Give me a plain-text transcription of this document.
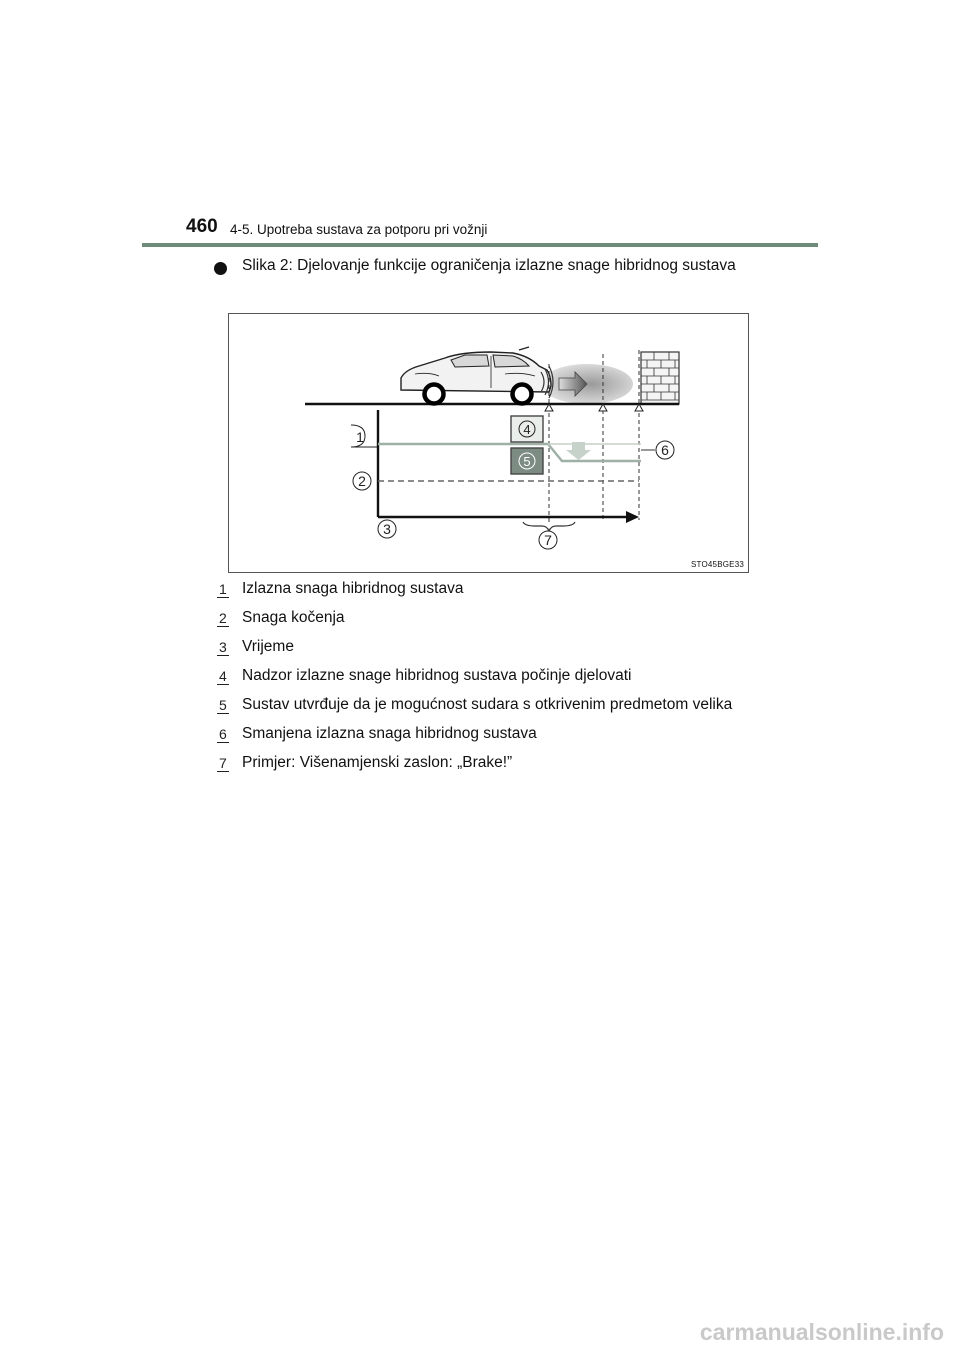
460 4-5. Upotreba sustava za potporu pri vožnji
Slika 2: Djelovanje funkcije ograničenja izlazne snage hibridnog sustava
1
2
3
4
5
6
7
STO45BGE33
1 Izlazna snaga hibridnog sustava
2 Snaga kočenja
3 Vrijeme
4 Nadzor izlazne snage hibridnog sustava počinje djelovati
5 Sustav utvrđuje da je mogućnost sudara s otkrivenim predmetom velika
6 Smanjena izlazna snaga hibridnog sustava
7 Primjer: Višenamjenski zaslon: „Brake!”
carmanualsonline.info
